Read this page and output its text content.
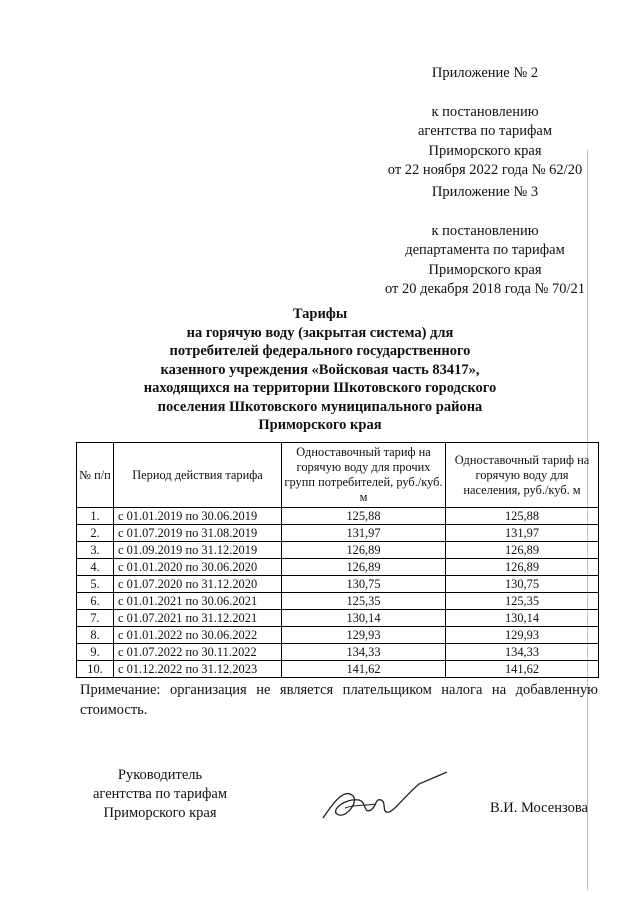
Приложение № 2
к постановлению
агентства по тарифам
Приморского края
от 22 ноября 2022 года № 62/20
Приложение № 3
к постановлению
департамента по тарифам
Приморского края
от 20 декабря 2018 года № 70/21
Тарифы
на горячую воду (закрытая система) для
потребителей федерального государственного
казенного учреждения «Войсковая часть 83417»,
находящихся на территории Шкотовского городского
поселения Шкотовского муниципального района
Приморского края
№ п/п	Период действия тарифа	Одноставочный тариф на горячую воду для прочих групп потребителей, руб./куб. м	Одноставочный тариф на горячую воду для населения, руб./куб. м
1.	с 01.01.2019 по 30.06.2019	125,88	125,88
2.	с 01.07.2019 по 31.08.2019	131,97	131,97
3.	с 01.09.2019 по 31.12.2019	126,89	126,89
4.	с 01.01.2020 по 30.06.2020	126,89	126,89
5.	с 01.07.2020 по 31.12.2020	130,75	130,75
6.	с 01.01.2021 по 30.06.2021	125,35	125,35
7.	с 01.07.2021 по 31.12.2021	130,14	130,14
8.	с 01.01.2022 по 30.06.2022	129,93	129,93
9.	с 01.07.2022 по 30.11.2022	134,33	134,33
10.	с 01.12.2022 по 31.12.2023	141,62	141,62
Примечание: организация не является плательщиком налога на добавленную стоимость.
Руководитель
агентства по тарифам
Приморского края	В.И. Мосензова
